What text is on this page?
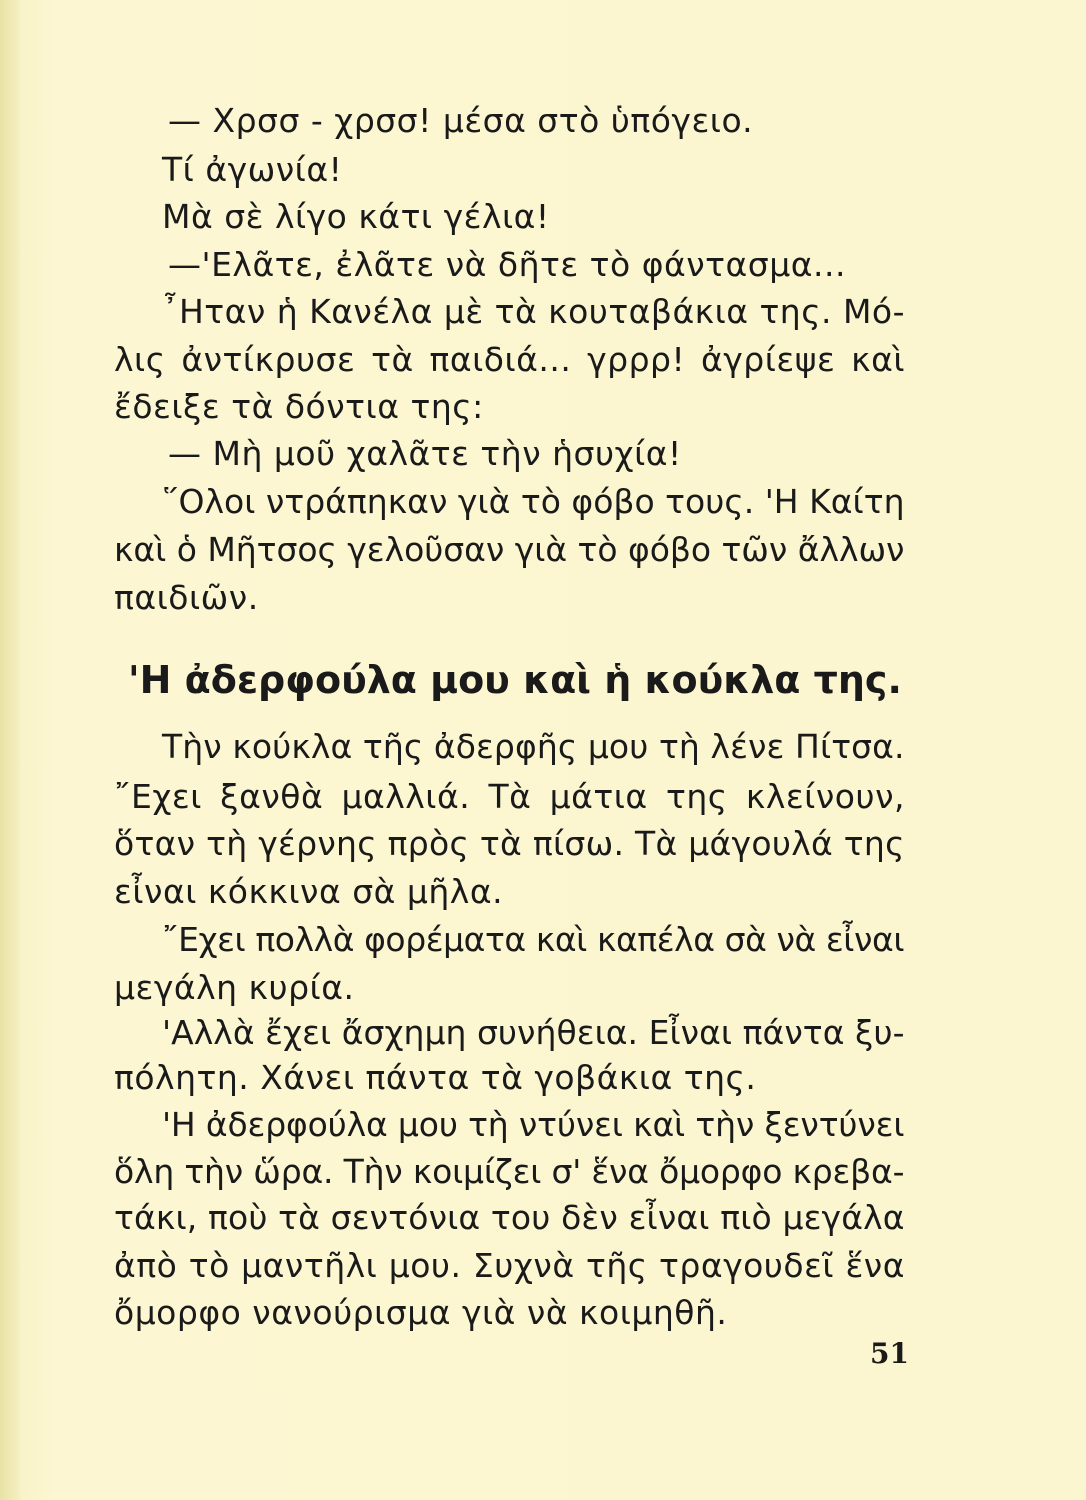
— Χρσσ - χρσσ! μέσα στὸ ὑπόγειο.
Τί ἀγωνία!
Μὰ σὲ λίγο κάτι γέλια!
—'Ελᾶτε, ἐλᾶτε νὰ δῆτε τὸ φάντασμα...
῏Ηταν ἡ Κανέλα μὲ τὰ κουταβάκια της. Μό-
λις ἀντίκρυσε τὰ παιδιά... γρρρ! ἀγρίεψε καὶ
ἔδειξε τὰ δόντια της:
— Μὴ μοῦ χαλᾶτε τὴν ἡσυχία!
῞Ολοι ντράπηκαν γιὰ τὸ φόβο τους. 'Η Καίτη
καὶ ὁ Μῆτσος γελοῦσαν γιὰ τὸ φόβο τῶν ἄλλων
παιδιῶν.
'Η ἀδερφούλα μου καὶ ἡ κούκλα της.
Τὴν κούκλα τῆς ἀδερφῆς μου τὴ λένε Πίτσα.
῎Εχει ξανθὰ μαλλιά. Τὰ μάτια της κλείνουν,
ὅταν τὴ γέρνης πρὸς τὰ πίσω. Τὰ μάγουλά της
εἶναι κόκκινα σὰ μῆλα.
῎Εχει πολλὰ φορέματα καὶ καπέλα σὰ νὰ εἶναι
μεγάλη κυρία.
'Αλλὰ ἔχει ἄσχημη συνήθεια. Εἶναι πάντα ξυ-
πόλητη. Χάνει πάντα τὰ γοβάκια της.
'Η ἀδερφούλα μου τὴ ντύνει καὶ τὴν ξεντύνει
ὅλη τὴν ὥρα. Τὴν κοιμίζει σ' ἕνα ὄμορφο κρεβα-
τάκι, ποὺ τὰ σεντόνια του δὲν εἶναι πιὸ μεγάλα
ἀπὸ τὸ μαντῆλι μου. Συχνὰ τῆς τραγουδεῖ ἕνα
ὄμορφο νανούρισμα γιὰ νὰ κοιμηθῆ.
51
